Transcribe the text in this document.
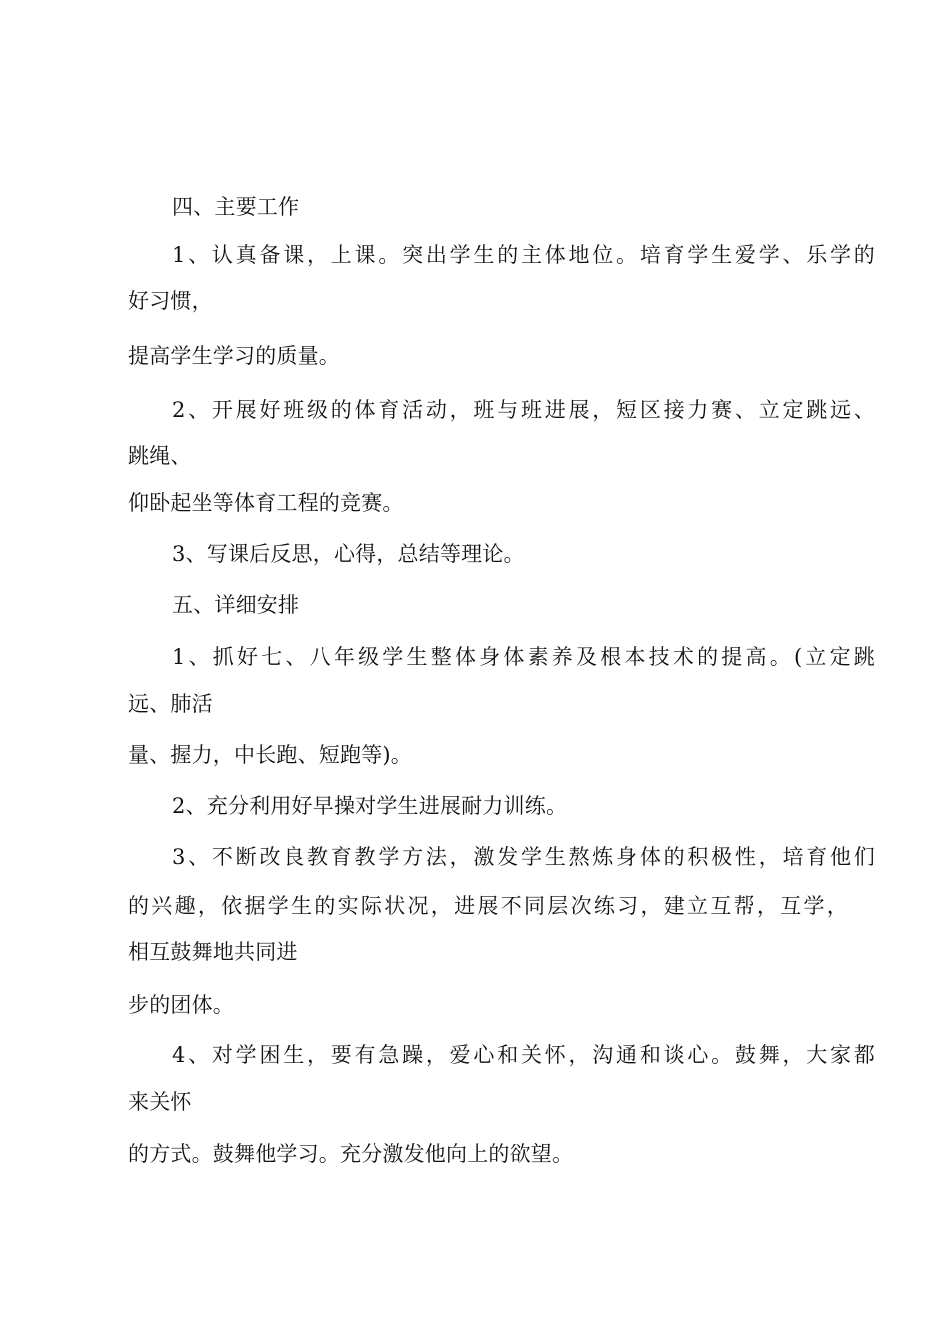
四、主要工作
1、认真备课，上课。突出学生的主体地位。培育学生爱学、乐学的
好习惯，
提高学生学习的质量。
2、开展好班级的体育活动，班与班进展，短区接力赛、立定跳远、
跳绳、
仰卧起坐等体育工程的竞赛。
3、写课后反思，心得，总结等理论。
五、详细安排
1、抓好七、八年级学生整体身体素养及根本技术的提高。(立定跳
远、肺活
量、握力，中长跑、短跑等)。
2、充分利用好早操对学生进展耐力训练。
3、不断改良教育教学方法，激发学生熬炼身体的积极性，培育他们
的兴趣，依据学生的实际状况，进展不同层次练习，建立互帮，互学，
相互鼓舞地共同进
步的团体。
4、对学困生，要有急躁，爱心和关怀，沟通和谈心。鼓舞，大家都
来关怀
的方式。鼓舞他学习。充分激发他向上的欲望。
